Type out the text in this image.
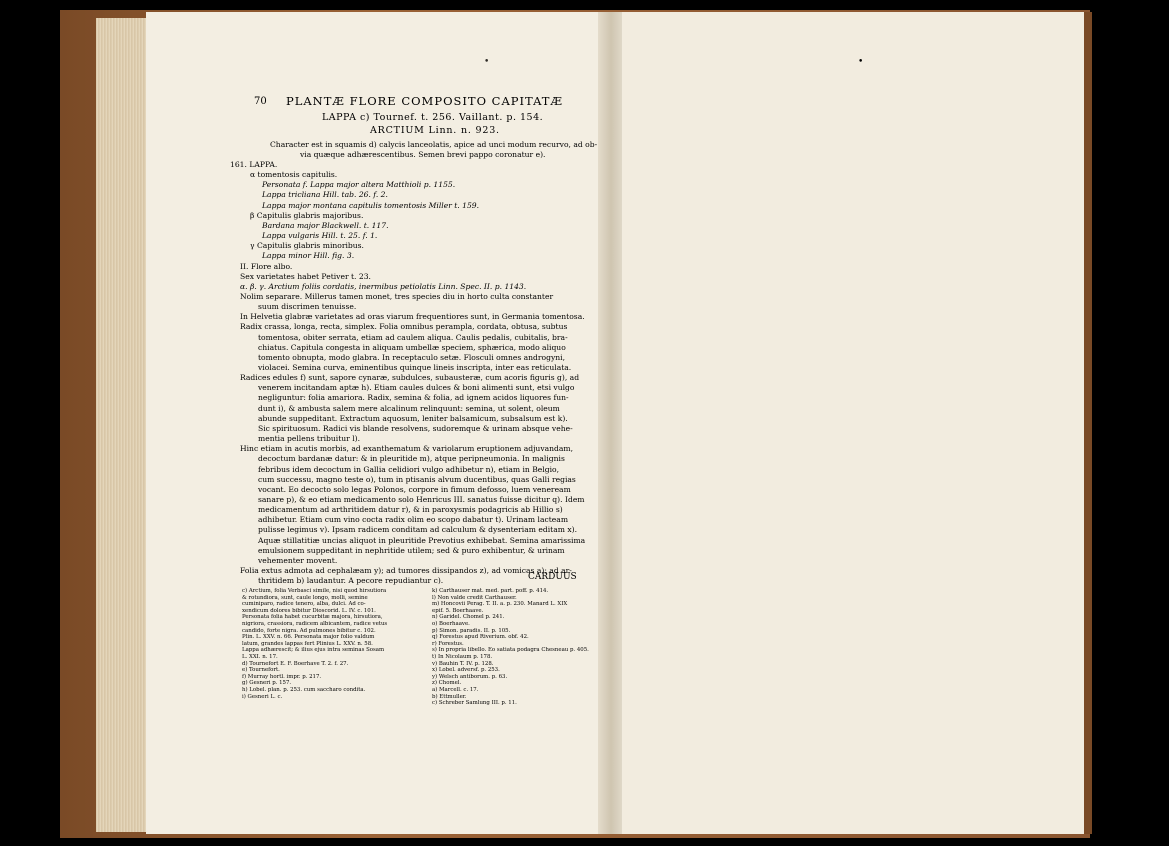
•	•
70 PLANTÆ FLORE COMPOSITO CAPITATÆ
LAPPA c) Tournef. t. 256. Vaillant. p. 154.
ARCTIUM Linn. n. 923.
Character est in squamis d) calycis lanceolatis, apice ad unci modum recurvo, ad ob-
via quæque adhærescentibus. Semen brevi pappo coronatur e).
161. LAPPA.
α tomentosis capitulis.
Personata f. Lappa major altera Matthioli p. 1155.
Lappa tricliana Hill. tab. 26. f. 2.
Lappa major montana capitulis tomentosis Miller t. 159.
β Capitulis glabris majoribus.
Bardana major Blackwell. t. 117.
Lappa vulgaris Hill. t. 25. f. 1.
γ Capitulis glabris minoribus.
Lappa minor Hill. fig. 3.
II. Flore albo.
Sex varietates habet Petiver t. 23.
α. β. γ. Arctium foliis cordatis, inermibus petiolatis Linn. Spec. II. p. 1143.
Nolim separare. Millerus tamen monet, tres species diu in horto culta constanter
suum discrimen tenuisse.
In Helvetia glabræ varietates ad oras viarum frequentiores sunt, in Germania tomentosa.
Radix crassa, longa, recta, simplex. Folia omnibus perampla, cordata, obtusa, subtus
tomentosa, obiter serrata, etiam ad caulem aliqua. Caulis pedalis, cubitalis, bra-
chiatus. Capitula congesta in aliquam umbellæ speciem, sphærica, modo aliquo
tomento obnupta, modo glabra. In receptaculo setæ. Flosculi omnes androgyni,
violacei. Semina curva, eminentibus quinque lineis inscripta, inter eas reticulata.
Radices edules f) sunt, sapore cynaræ, subdulces, subausteræ, cum acoris figuris g), ad
venerem incitandam aptæ h). Etiam caules dulces & boni alimenti sunt, etsi vulgo
negliguntur: folia amariora. Radix, semina & folia, ad ignem acidos liquores fun-
dunt i), & ambusta salem mere alcalinum relinquunt: semina, ut solent, oleum
abunde suppeditant. Extractum aquosum, leniter balsamicum, subsalsum est k).
Sic spirituosum. Radici vis blande resolvens, sudoremque & urinam absque vehe-
mentia pellens tribuitur l).
Hinc etiam in acutis morbis, ad exanthematum & variolarum eruptionem adjuvandam,
decoctum bardanæ datur: & in pleuritide m), atque peripneumonia. In malignis
febribus idem decoctum in Gallia celidiori vulgo adhibetur n), etiam in Belgio,
cum successu, magno teste o), tum in ptisanis alvum ducentibus, quas Galli regias
vocant. Eo decocto solo legas Polonos, corpore in fimum defosso, luem veneream
sanare p), & eo etiam medicamento solo Henricus III. sanatus fuisse dicitur q). Idem
medicamentum ad arthritidem datur r), & in paroxysmis podagricis ab Hillio s)
adhibetur. Etiam cum vino cocta radix olim eo scopo dabatur t). Urinam lacteam
pulisse legimus v). Ipsam radicem conditam ad calculum & dysenteriam editam x).
Aquæ stillatitiæ uncias aliquot in pleuritide Prevotius exhibebat. Semina amarissima
emulsionem suppeditant in nephritide utilem; sed & puro exhibentur, & urinam
vehementer movent.
Folia extus admota ad cephalæam y); ad tumores dissipandos z), ad vomicas a); ad ar-
thritidem b) laudantur. A pecore repudiantur c).	CARDUUS
c) Arctium, folia Verbasci simile, nisi quod hirsutiora
& rotundiora, sunt, caule longo, molli, semine
cuminiparo, radice tenero, alba, dulci. Ad co-
xendicum dolores bibitur Dioscorid. L. IV. c. 101.
Personata folia habet cucurbitæ majora, hirsutiora,
nigriora, crassiora, radicem albicantem, radice vetus
candido, forte nigra. Ad pulmones bibitur c. 102.
Plin. L. XXV. n. 66. Personata major folio valdum
latum, grandes lappas fert Plinius L. XXV. n. 58.
Lappa adhærescit; & ilius ejus intra seminas Sosam
L. XXI. n. 17.
d) Tournefort E. F. Boerhave T. 2. f. 27.
e) Tournefort.
f) Murray hortl. impr. p. 217.
g) Gesneri p. 157.
h) Lobel. plan. p. 253. cum saccharo condita.
i) Gesneri L. c.
k) Carthauser mat. med. part. poff. p. 414.
l) Non valde credit Carthauser.
m) Honcovii Perag. T. II. a. p. 230. Manard L. XIX
epif. 5. Boerhaave.
n) Garidel. Chomel p. 241.
o) Boerhaave.
p) Simon. paradis. II. p. 105.
q) Forestus apud Riverium. obf. 42.
r) Forestus.
s) In propria libello. Eo satiata podagra Chesneau p. 405.
t) In Nicolaum p. 178.
v) Bauhin T. IV. p. 128.
x) Lobel. adversf. p. 253.
y) Welsch antiborum. p. 63.
z) Chomel.
a) Marcell. c. 17.
b) Ettmuller.
c) Schreber Samlung III. p. 11.
